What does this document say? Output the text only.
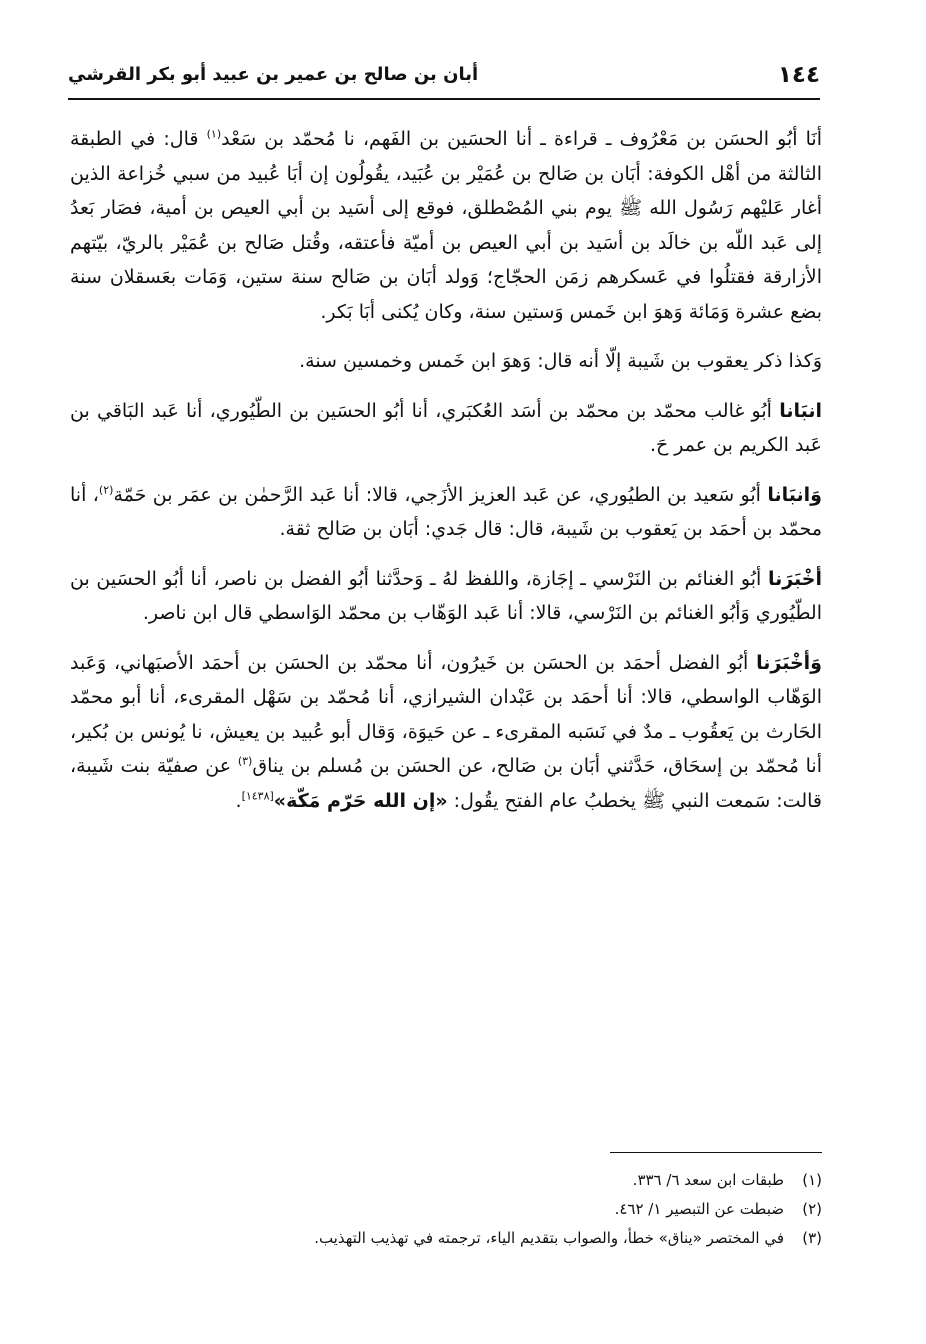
١٤٤
أبان بن صالح بن عمير بن عبيد أبو بكر القرشي

أنَا أبُو الحسَن بن مَعْرُوف ـ قراءة ـ أنا الحسَين بن الفَهم، نا مُحمّد بن سَعْد$^{(١)}$ قال: في الطبقة الثالثة من أهْل الكوفة: أبَان بن صَالح بن عُمَيْر بن عُبَيد، يقُولُون إن أبَا عُبيد من سبي خُزاعة الذين أغار عَليْهم رَسُول الله ﷺ يوم بني المُصْطلق، فوقع إلى أسَيد بن أبي العيص بن أمية، فصَار بَعدُ إلى عَبد اللّه بن خالَد بن أسَيد بن أبي العيص بن أميّة فأعتقه، وقُتل صَالح بن عُمَيْر بالريّ، بيّتهم الأزارقة فقتلُوا في عَسكرهم زمَن الحجّاج؛ وَولد أبَان بن صَالح سنة ستين، وَمَات بعَسقلان سنة بضع عشرة وَمَائة وَهوَ ابن خَمس وَستين سنة، وكان يُكنى أبَا بَكر.

وَكذا ذكر يعقوب بن شَيبة إلّا أنه قال: وَهوَ ابن خَمس وخمسين سنة.

انبَانا أبُو غالب محمّد بن محمّد بن أسَد العُكبَري، أنا أبُو الحسَين بن الطّيُوري، أنا عَبد البَاقي بن عَبد الكريم بن عمر حَ.

وَانبَانا أبُو سَعيد بن الطيُوري، عن عَبد العزيز الأزَجي، قالا: أنا عَبد الرَّحمٰن بن عمَر بن حَمّة$^{(٢)}$، أنا محمّد بن أحمَد بن يَعقوب بن شَيبة، قال: قال جَدي: أبَان بن صَالح ثقة.

أخْبَرَنا أبُو الغنائم بن النَرْسي ـ إجَازة، واللفظ لهُ ـ وَحدَّثنا أبُو الفضل بن ناصر، أنا أبُو الحسَين بن الطّيُوري وَأبُو الغنائم بن النَرْسي، قالا: أنا عَبد الوَهّاب بن محمّد الوَاسطي قال ابن ناصر.

وَأخْبَرَنا أبُو الفضل أحمَد بن الحسَن بن خَيرُون، أنا محمّد بن الحسَن بن أحمَد الأصبَهاني، وَعَبد الوَهّاب الواسطي، قالا: أنا أحمَد بن عَبْدان الشيرازي، أنا مُحمّد بن سَهْل المقرىء، أنا أبو محمّد الحَارث بن يَعقُوب ـ مدٌ في نَسَبه المقرىء ـ عن حَيوَة، وَقال أبو عُبيد بن يعيش، نا يُونس بن بُكير، أنا مُحمّد بن إسحَاق، حَدَّثني أبَان بن صَالح، عن الحسَن بن مُسلم بن يناق$^{(٣)}$ عن صفيّة بنت شَيبة، قالت: سَمعت النبي ﷺ يخطبُ عام الفتح يقُول: «إن الله حَرّم مَكّة»[١٤٣٨].

(١)طبقات ابن سعد ٦/ ٣٣٦.
(٢)ضبطت عن التبصير ١/ ٤٦٢.
(٣)في المختصر «يناق» خطأ، والصواب بتقديم الياء، ترجمته في تهذيب التهذيب.
